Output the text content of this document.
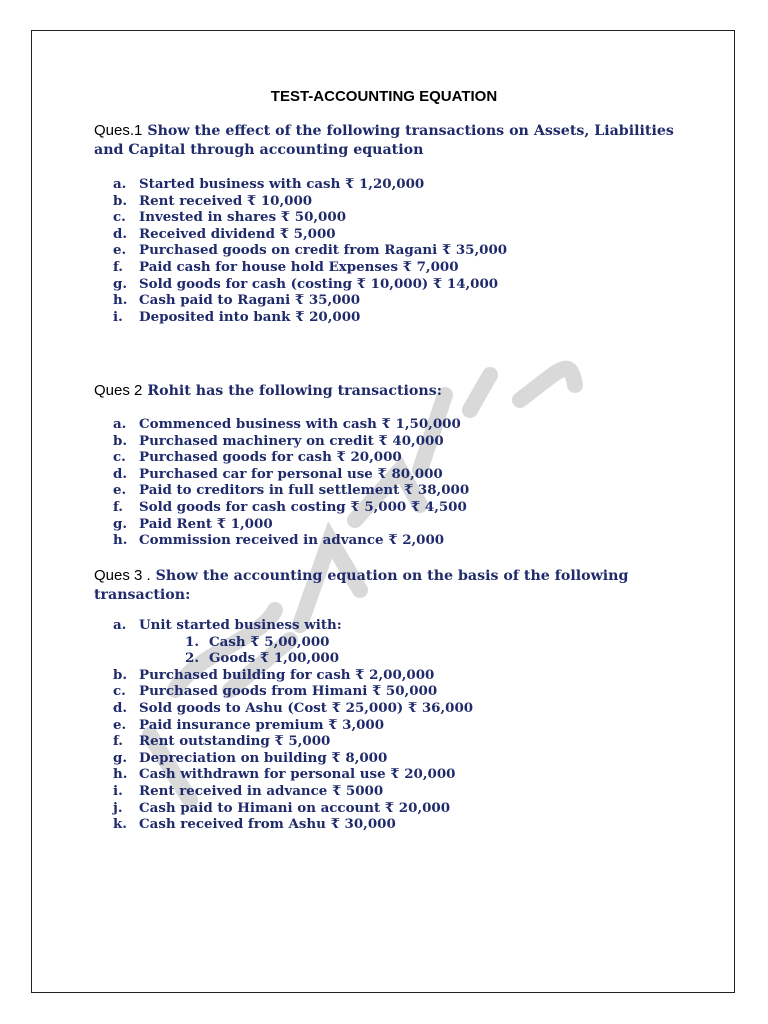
TEST-ACCOUNTING EQUATION
Ques.1 Show the effect of the following transactions on Assets, Liabilities
and Capital through accounting equation
a. Started business with cash ₹ 1,20,000
b. Rent received ₹ 10,000
c. Invested in shares ₹ 50,000
d. Received dividend ₹ 5,000
e. Purchased goods on credit from Ragani ₹ 35,000
f.	Paid cash for house hold Expenses ₹ 7,000
g. Sold goods for cash (costing ₹ 10,000) ₹ 14,000
h. Cash paid to Ragani ₹ 35,000
i.	Deposited into bank ₹ 20,000
Ques 2 Rohit has the following transactions:
a. Commenced business with cash ₹ 1,50,000
b. Purchased machinery on credit ₹ 40,000
c. Purchased goods for cash ₹ 20,000
d. Purchased car for personal use ₹ 80,000
e. Paid to creditors in full settlement ₹ 38,000
f.	Sold goods for cash costing ₹ 5,000 ₹ 4,500
g. Paid Rent ₹ 1,000
h. Commission received in advance ₹ 2,000
Ques 3 . Show the accounting equation on the basis of the following
transaction:
a. Unit started business with:
1. Cash ₹ 5,00,000
2. Goods ₹ 1,00,000
b. Purchased building for cash ₹ 2,00,000
c. Purchased goods from Himani ₹ 50,000
d. Sold goods to Ashu (Cost ₹ 25,000) ₹ 36,000
e. Paid insurance premium ₹ 3,000
f.	Rent outstanding ₹ 5,000
g. Depreciation on building ₹ 8,000
h. Cash withdrawn for personal use ₹ 20,000
i.	Rent received in advance ₹ 5000
j.	Cash paid to Himani on account ₹ 20,000
k. Cash received from Ashu ₹ 30,000
